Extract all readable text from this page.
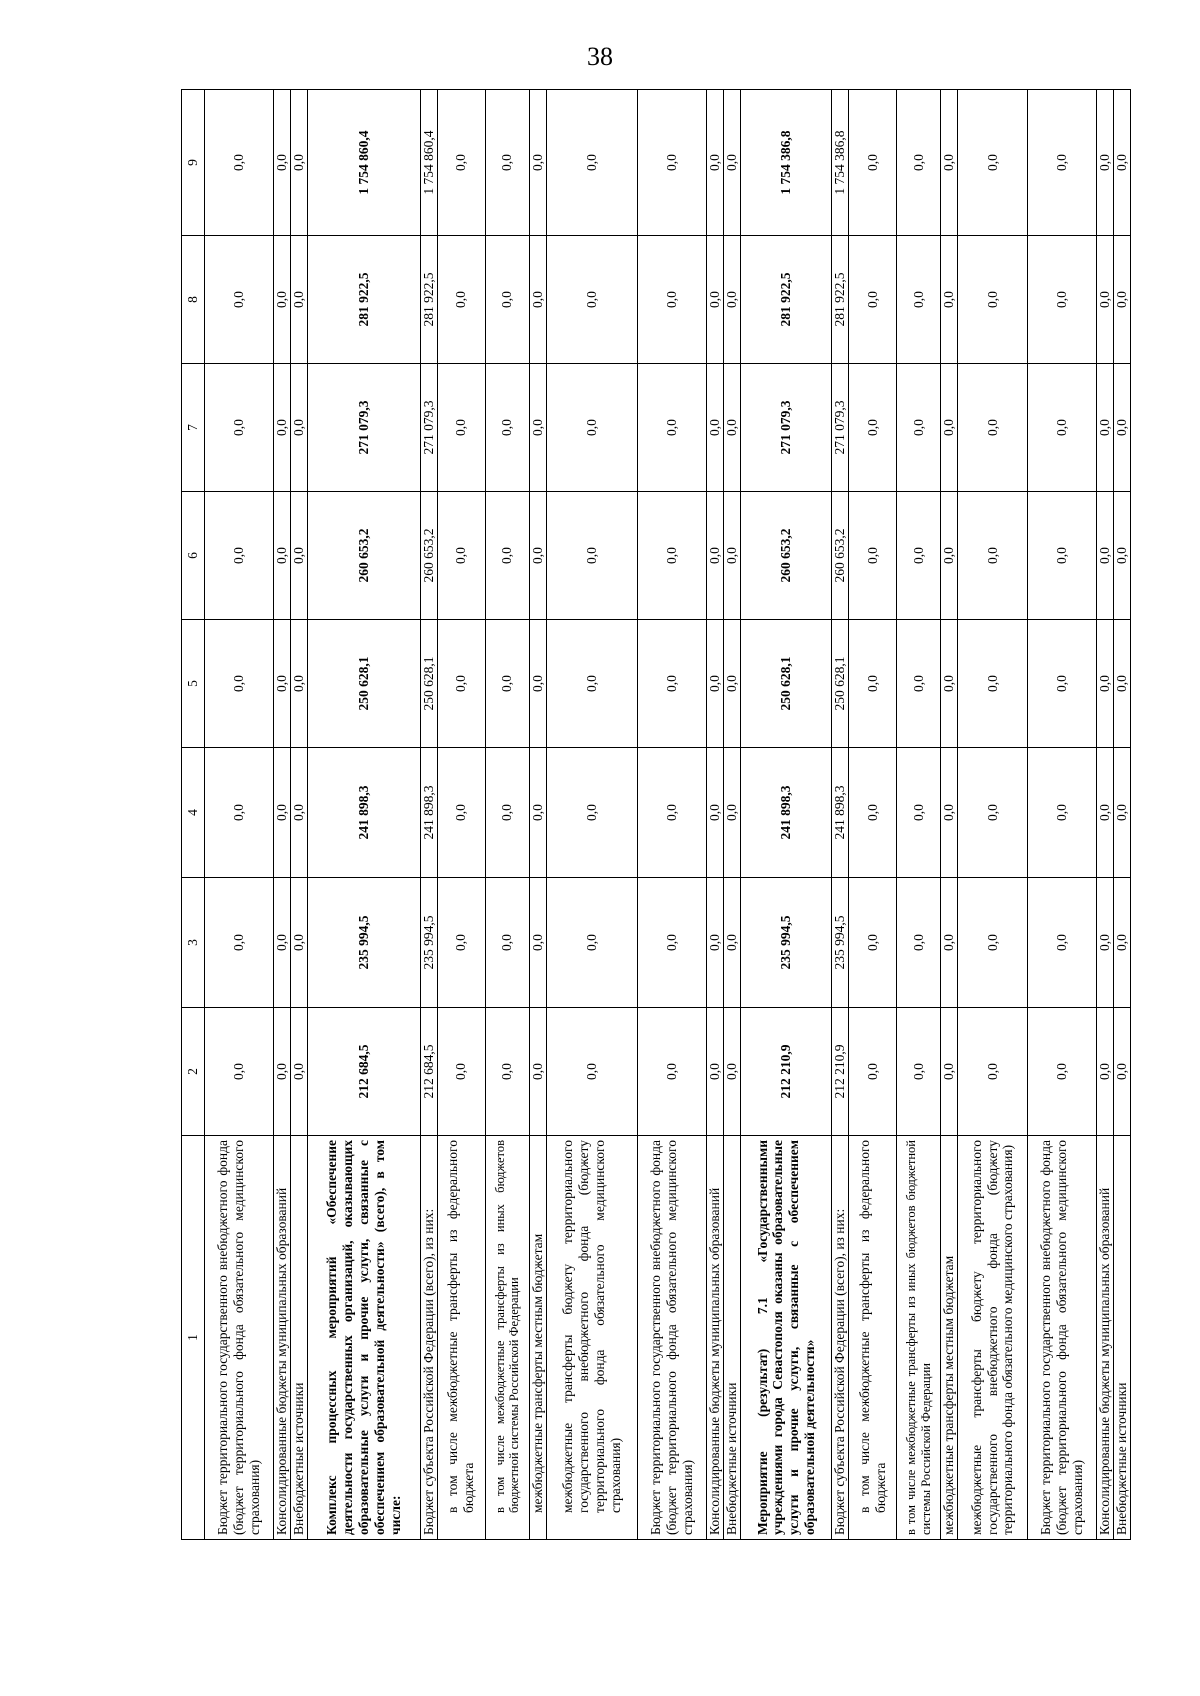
38
1	2	3	4	5	6	7	8	9
Бюджет территориального государственного внебюджетного фонда (бюджет территориального фонда обязательного медицинского страхования)	0,0	0,0	0,0	0,0	0,0	0,0	0,0	0,0
Консолидированные бюджеты муниципальных образований	0,0	0,0	0,0	0,0	0,0	0,0	0,0	0,0
Внебюджетные источники	0,0	0,0	0,0	0,0	0,0	0,0	0,0	0,0
Комплекс процессных мероприятий «Обеспечение деятельности государственных организаций, оказывающих образовательные услуги и прочие услуги, связанные с обеспечением образовательной деятельности» (всего), в том числе:	212 684,5	235 994,5	241 898,3	250 628,1	260 653,2	271 079,3	281 922,5	1 754 860,4
Бюджет субъекта Российской Федерации (всего), из них:	212 684,5	235 994,5	241 898,3	250 628,1	260 653,2	271 079,3	281 922,5	1 754 860,4
в том числе межбюджетные трансферты из федерального бюджета	0,0	0,0	0,0	0,0	0,0	0,0	0,0	0,0
в том числе межбюджетные трансферты из иных бюджетов бюджетной системы Российской Федерации	0,0	0,0	0,0	0,0	0,0	0,0	0,0	0,0
межбюджетные трансферты местным бюджетам	0,0	0,0	0,0	0,0	0,0	0,0	0,0	0,0
межбюджетные трансферты бюджету территориального государственного внебюджетного фонда (бюджету территориального фонда обязательного медицинского страхования)	0,0	0,0	0,0	0,0	0,0	0,0	0,0	0,0
Бюджет территориального государственного внебюджетного фонда (бюджет территориального фонда обязательного медицинского страхования)	0,0	0,0	0,0	0,0	0,0	0,0	0,0	0,0
Консолидированные бюджеты муниципальных образований	0,0	0,0	0,0	0,0	0,0	0,0	0,0	0,0
Внебюджетные источники	0,0	0,0	0,0	0,0	0,0	0,0	0,0	0,0
Мероприятие (результат) 7.1 «Государственными учреждениями города Севастополя оказаны образовательные услуги и прочие услуги, связанные с обеспечением образовательной деятельности»	212 210,9	235 994,5	241 898,3	250 628,1	260 653,2	271 079,3	281 922,5	1 754 386,8
Бюджет субъекта Российской Федерации (всего), из них:	212 210,9	235 994,5	241 898,3	250 628,1	260 653,2	271 079,3	281 922,5	1 754 386,8
в том числе межбюджетные трансферты из федерального бюджета	0,0	0,0	0,0	0,0	0,0	0,0	0,0	0,0
в том числе межбюджетные трансферты из иных бюджетов бюджетной системы Российской Федерации	0,0	0,0	0,0	0,0	0,0	0,0	0,0	0,0
межбюджетные трансферты местным бюджетам	0,0	0,0	0,0	0,0	0,0	0,0	0,0	0,0
межбюджетные трансферты бюджету территориального государственного внебюджетного фонда (бюджету территориального фонда обязательного медицинского страхования)	0,0	0,0	0,0	0,0	0,0	0,0	0,0	0,0
Бюджет территориального государственного внебюджетного фонда (бюджет территориального фонда обязательного медицинского страхования)	0,0	0,0	0,0	0,0	0,0	0,0	0,0	0,0
Консолидированные бюджеты муниципальных образований	0,0	0,0	0,0	0,0	0,0	0,0	0,0	0,0
Внебюджетные источники	0,0	0,0	0,0	0,0	0,0	0,0	0,0	0,0
